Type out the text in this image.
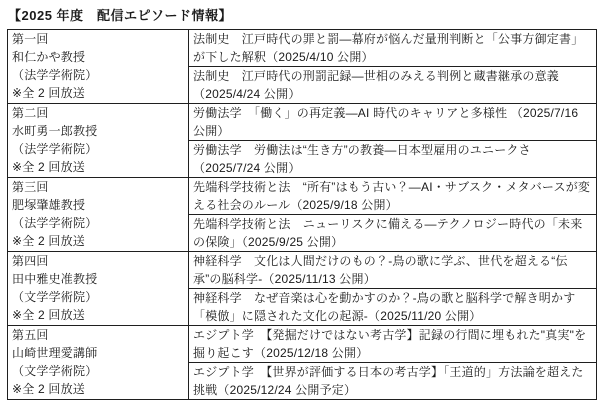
【2025 年度　配信エピソード情報】
第一回
和仁かや教授
（法学学術院）
※全 2 回放送	法制史　江戸時代の罪と罰―幕府が悩んだ量刑判断と「公事方御定書」が下した解釈（2025/4/10 公開）
	法制史　江戸時代の刑罰記録―世相のみえる判例と蔵書継承の意義 （2025/4/24 公開）

第二回
水町勇一郎教授
（法学学術院）
※全 2 回放送	労働法学　「働く」の再定義―AI 時代のキャリアと多様性 （2025/7/16 公開）
	労働法学　労働法は“生き方”の教養―日本型雇用のユニークさ （2025/7/24 公開）

第三回
肥塚肇雄教授
（法学学術院）
※全 2 回放送	先端科学技術と法　“所有”はもう古い？―AI・サブスク・メタバースが変える社会のルール（2025/9/18 公開）
	先端科学技術と法　ニューリスクに備える―テクノロジー時代の「未来の保険」（2025/9/25 公開）

第四回
田中雅史准教授
（文学学術院）
※全 2 回放送	神経科学　文化は人間だけのもの？-鳥の歌に学ぶ、世代を超える“伝承”の脳科学-（2025/11/13 公開）
	神経科学　なぜ音楽は心を動かすのか？-鳥の歌と脳科学で解き明かす「模倣」に隠された文化の起源-（2025/11/20 公開）

第五回
山崎世理愛講師
（文学学術院）
※全 2 回放送	エジプト学　【発掘だけではない考古学】記録の行間に埋もれた"真実"を掘り起こす（2025/12/18 公開）
	エジプト学　【世界が評価する日本の考古学】「王道的」方法論を超えた挑戦（2025/12/24 公開予定）
